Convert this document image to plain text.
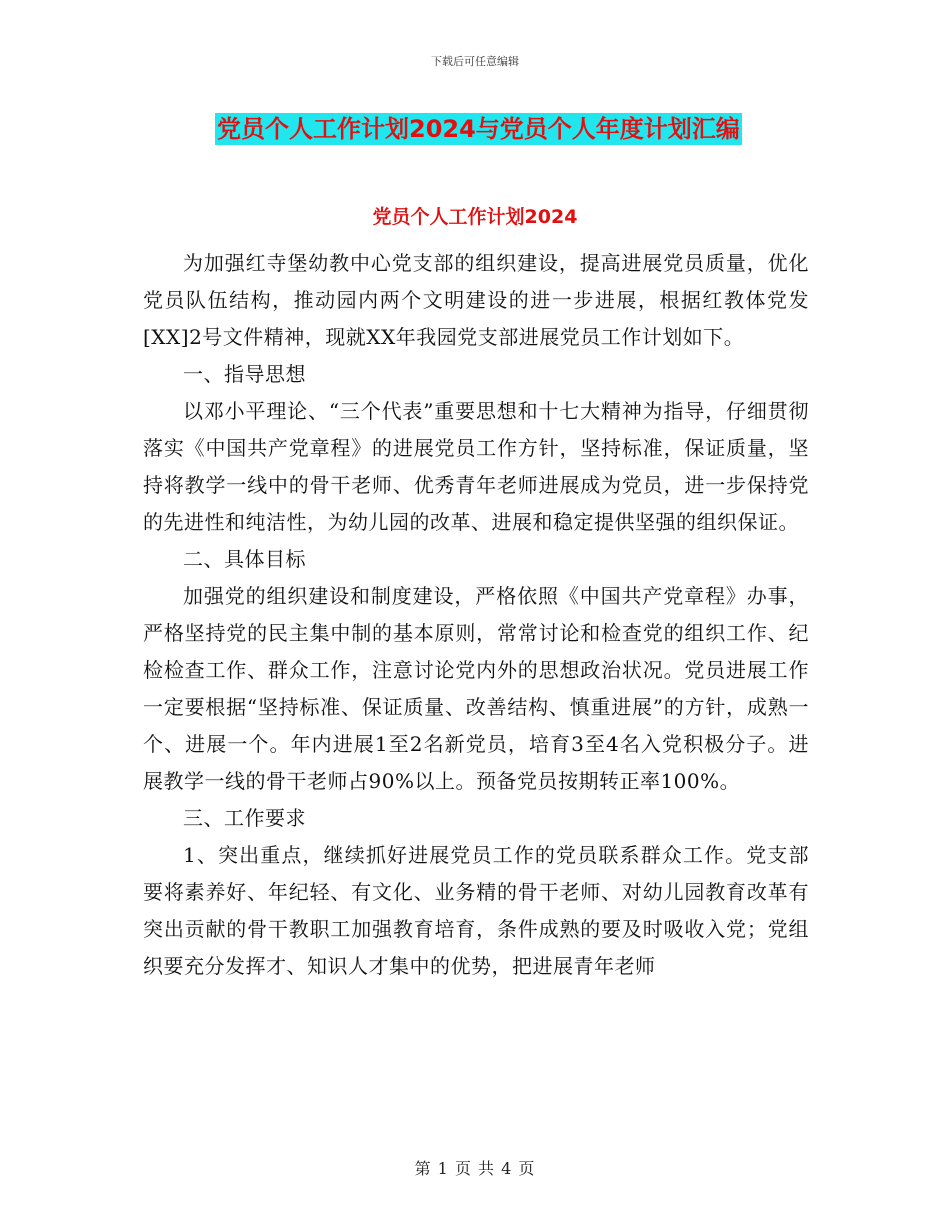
下载后可任意编辑
党员个人工作计划2024与党员个人年度计划汇编
党员个人工作计划2024

为加强红寺堡幼教中心党支部的组织建设，提高进展党员质量，优化党员队伍结构，推动园内两个文明建设的进一步进展，根据红教体党发[XX]2号文件精神，现就XX年我园党支部进展党员工作计划如下。

一、指导思想

以邓小平理论、“三个代表”重要思想和十七大精神为指导，仔细贯彻落实《中国共产党章程》的进展党员工作方针，坚持标准，保证质量，坚持将教学一线中的骨干老师、优秀青年老师进展成为党员，进一步保持党的先进性和纯洁性，为幼儿园的改革、进展和稳定提供坚强的组织保证。

二、具体目标

加强党的组织建设和制度建设，严格依照《中国共产党章程》办事，严格坚持党的民主集中制的基本原则，常常讨论和检查党的组织工作、纪检检查工作、群众工作，注意讨论党内外的思想政治状况。党员进展工作一定要根据“坚持标准、保证质量、改善结构、慎重进展”的方针，成熟一个、进展一个。年内进展1至2名新党员，培育3至4名入党积极分子。进展教学一线的骨干老师占90%以上。预备党员按期转正率100%。

三、工作要求

1、突出重点，继续抓好进展党员工作的党员联系群众工作。党支部要将素养好、年纪轻、有文化、业务精的骨干老师、对幼儿园教育改革有突出贡献的骨干教职工加强教育培育，条件成熟的要及时吸收入党；党组织要充分发挥才、知识人才集中的优势，把进展青年老师

第 1 页 共 4 页
